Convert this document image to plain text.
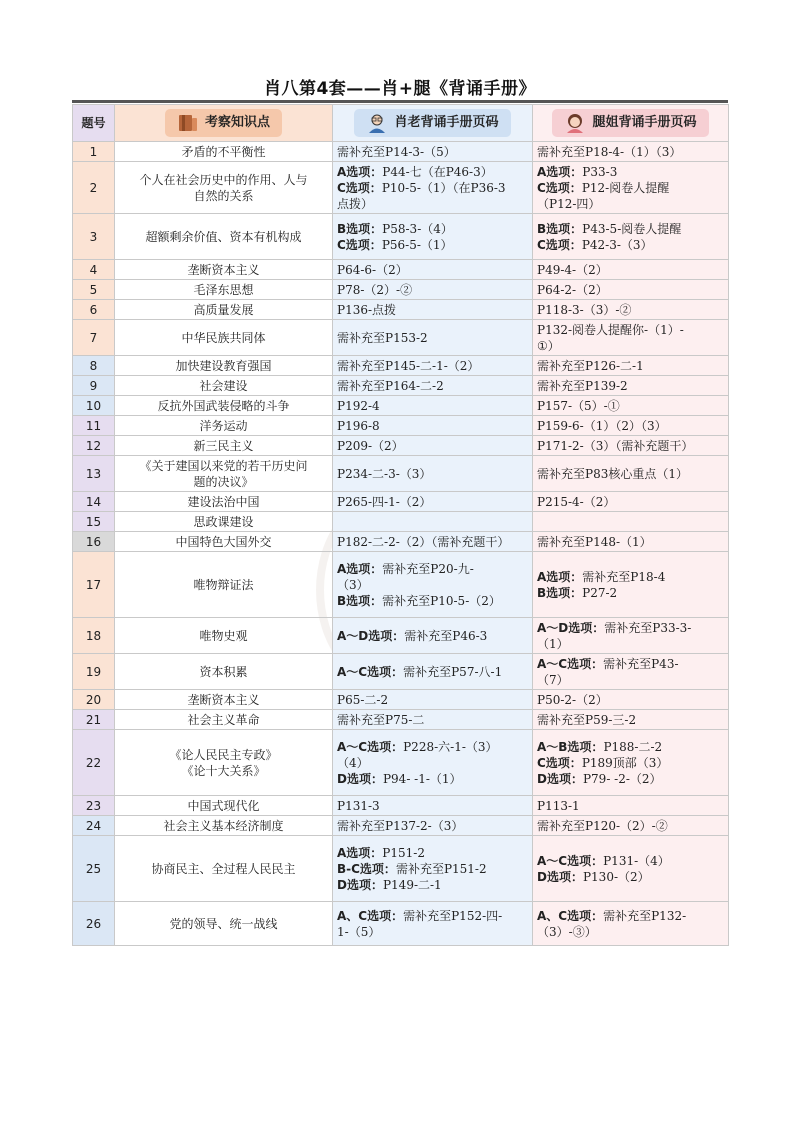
肖八第4套——肖+腿《背诵手册》
题号	考察知识点	肖老背诵手册页码	腿姐背诵手册页码

1	矛盾的不平衡性	需补充至P14-3-（5）	需补充至P18-4-（1）（3）

2	个人在社会历史中的作用、人与
自然的关系	A选项：P44-七（在P46-3）
C选项：P10-5-（1）（在P36-3
点拨）	A选项：P33-3
C选项：P12-阅卷人提醒
（P12-四）

3	超额剩余价值、资本有机构成	B选项：P58-3-（4）
C选项：P56-5-（1）	B选项：P43-5-阅卷人提醒
C选项：P42-3-（3）

4	垄断资本主义	P64-6-（2）	P49-4-（2）

5	毛泽东思想	P78-（2）-②	P64-2-（2）

6	高质量发展	P136-点拨	P118-3-（3）-②

7	中华民族共同体	需补充至P153-2	P132-阅卷人提醒你-（1）-
①）

8	加快建设教育强国	需补充至P145-二-1-（2）	需补充至P126-二-1

9	社会建设	需补充至P164-二-2	需补充至P139-2

10	反抗外国武装侵略的斗争	P192-4	P157-（5）-①

11	洋务运动	P196-8	P159-6-（1）（2）（3）

12	新三民主义	P209-（2）	P171-2-（3）（需补充题干）

13	《关于建国以来党的若干历史问
题的决议》	P234-二-3-（3）	需补充至P83核心重点（1）

14	建设法治中国	P265-四-1-（2）	P215-4-（2）

15	思政课建设		

16	中国特色大国外交	P182-二-2-（2）（需补充题干）	需补充至P148-（1）

17	唯物辩证法	A选项：需补充至P20-九-
（3）
B选项：需补充至P10-5-（2）	A选项：需补充至P18-4
B选项：P27-2

18	唯物史观	A～D选项：需补充至P46-3	A～D选项：需补充至P33-3-
（1）

19	资本积累	A～C选项：需补充至P57-八-1	A～C选项：需补充至P43-
（7）

20	垄断资本主义	P65-二-2	P50-2-（2）

21	社会主义革命	需补充至P75-二	需补充至P59-三-2

22	《论人民民主专政》
《论十大关系》	A～C选项：P228-六-1-（3）
（4）
D选项：P94- -1-（1）	A～B选项：P188-二-2
C选项：P189顶部（3）
D选项：P79- -2-（2）

23	中国式现代化	P131-3	P113-1

24	社会主义基本经济制度	需补充至P137-2-（3）	需补充至P120-（2）-②

25	协商民主、全过程人民民主	A选项：P151-2
B-C选项：需补充至P151-2
D选项：P149-二-1	A～C选项：P131-（4）
D选项：P130-（2）

26	党的领导、统一战线	A、C选项：需补充至P152-四-
1-（5）	A、C选项：需补充至P132-
（3）-③）
